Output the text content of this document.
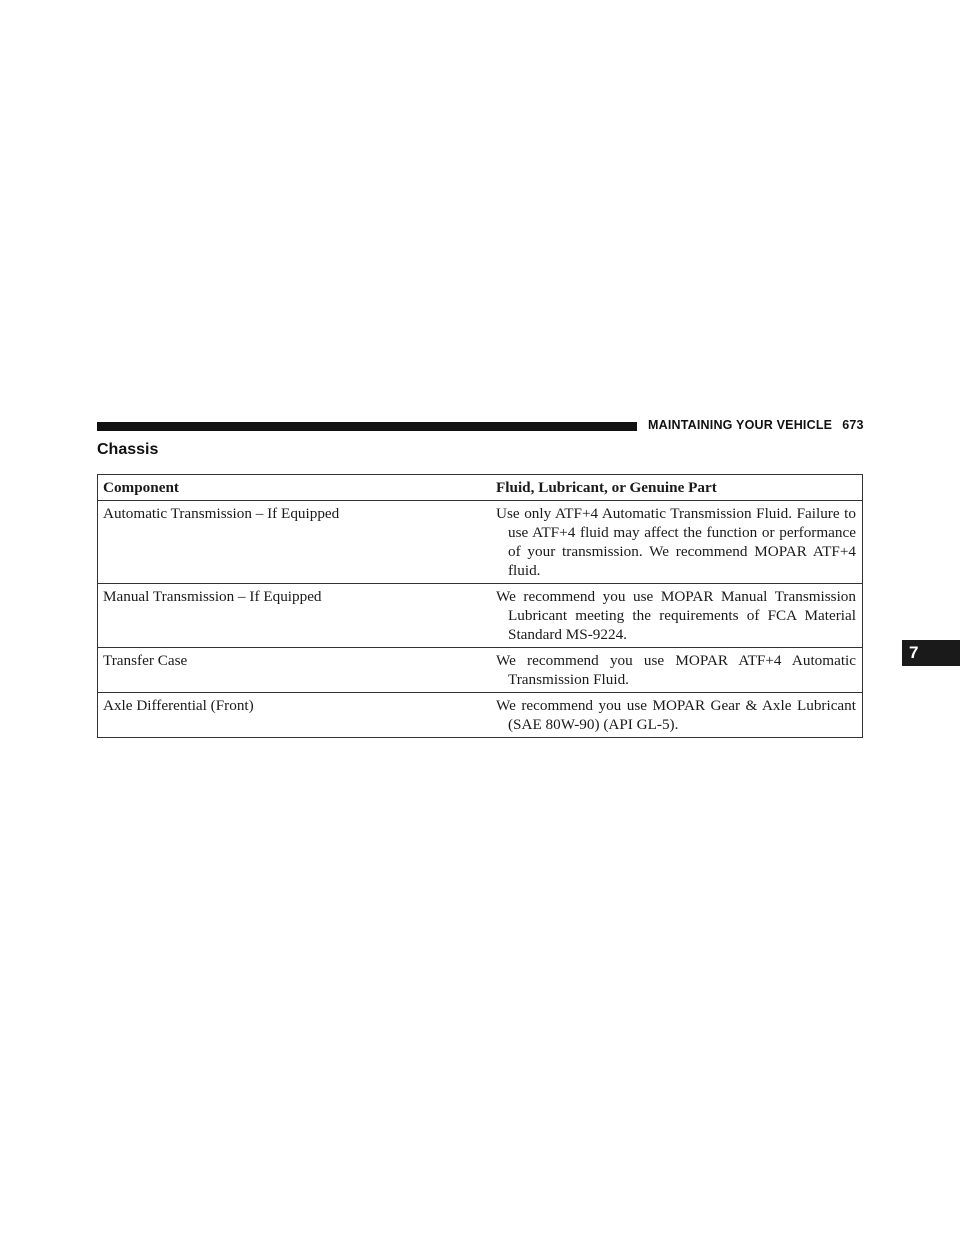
MAINTAINING YOUR VEHICLE 673
Chassis
Component	Fluid, Lubricant, or Genuine Part
Automatic Transmission – If Equipped	Use only ATF+4 Automatic Transmission Fluid. Failure to use ATF+4 fluid may affect the function or performance of your transmission. We recommend MOPAR ATF+4 fluid.

Manual Transmission – If Equipped	We recommend you use MOPAR Manual Transmission Lubricant meeting the requirements of FCA Material Standard MS-9224.

Transfer Case	We recommend you use MOPAR ATF+4 Automatic Transmission Fluid.

Axle Differential (Front)	We recommend you use MOPAR Gear & Axle Lubricant (SAE 80W-90) (API GL-5).
7
